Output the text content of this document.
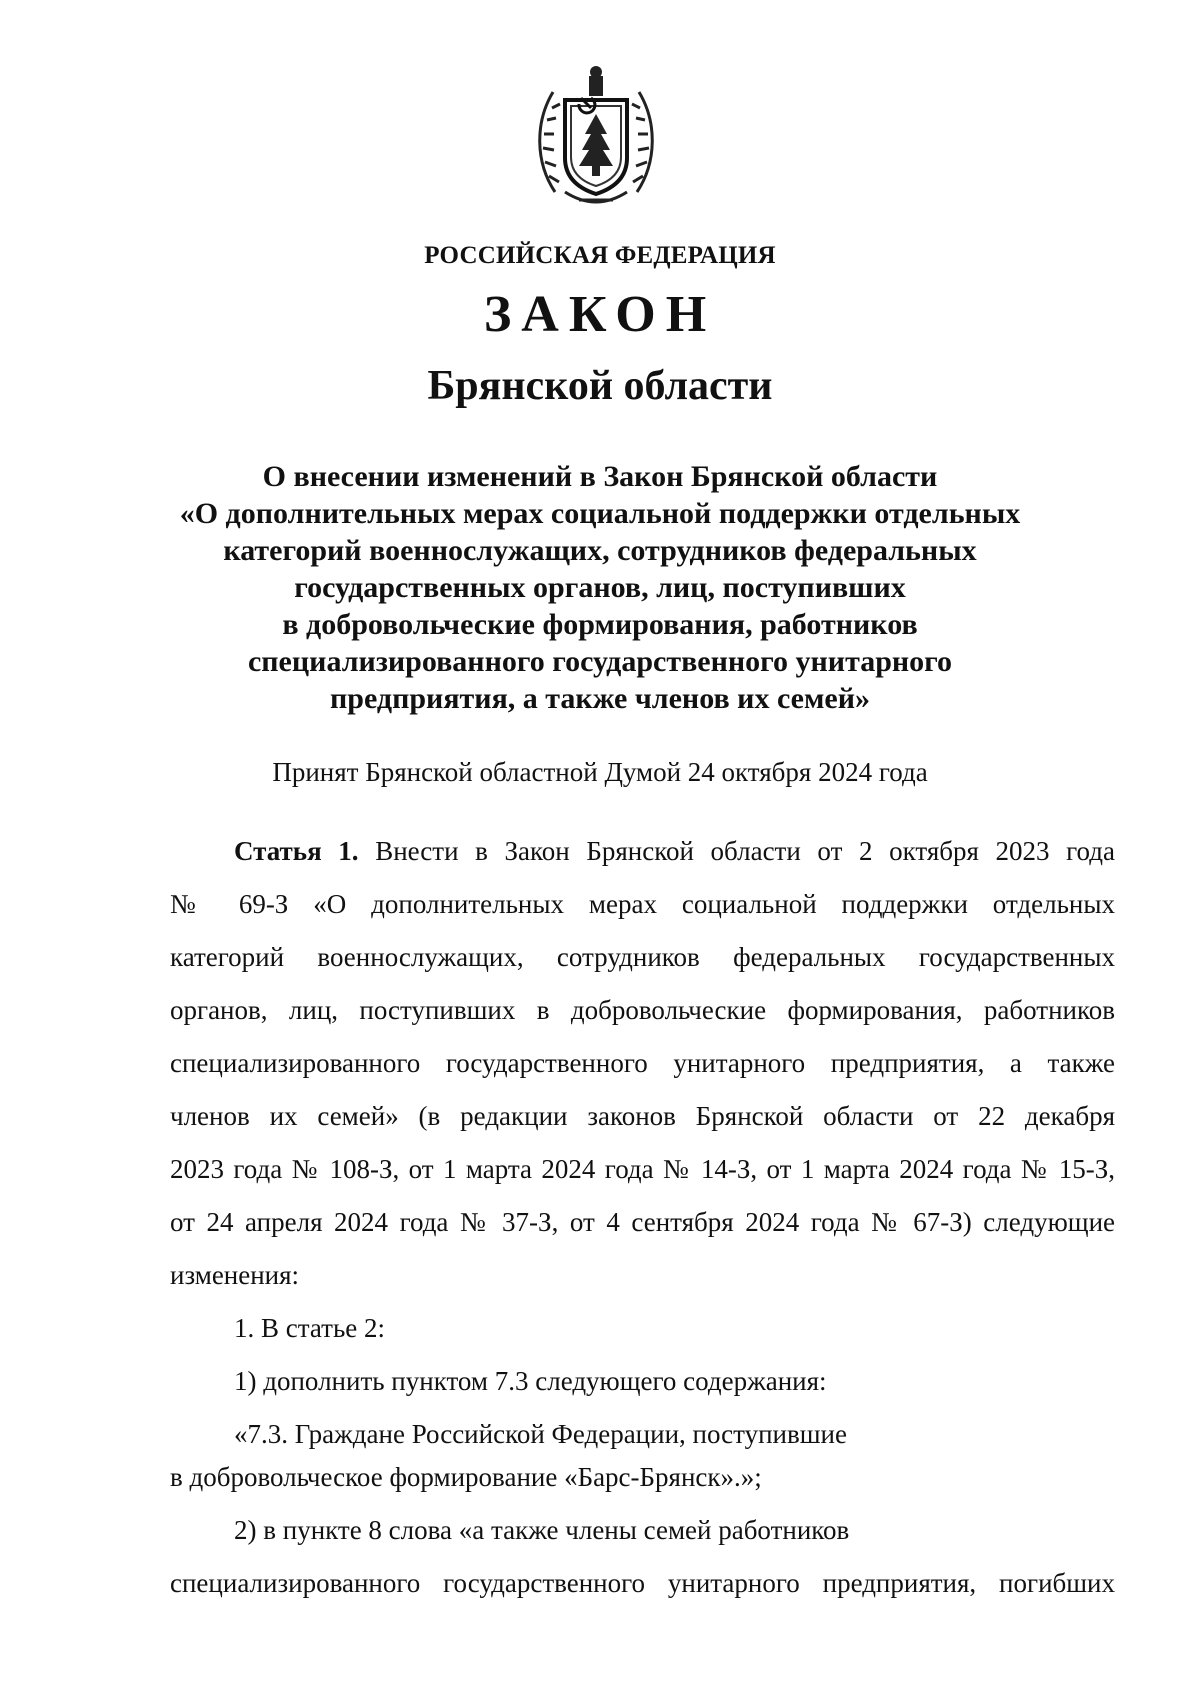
РОССИЙСКАЯ ФЕДЕРАЦИЯ
ЗАКОН
Брянской области
О внесении изменений в Закон Брянской области
«О дополнительных мерах социальной поддержки отдельных
категорий военнослужащих, сотрудников федеральных
государственных органов, лиц, поступивших
в добровольческие формирования, работников
специализированного государственного унитарного
предприятия, а также членов их семей»
Принят Брянской областной Думой 24 октября 2024 года
Статья 1. Внести в Закон Брянской области от 2 октября 2023 года
№ 69-З «О дополнительных мерах социальной поддержки отдельных
категорий военнослужащих, сотрудников федеральных государственных
органов, лиц, поступивших в добровольческие формирования, работников
специализированного государственного унитарного предприятия, а также
членов их семей» (в редакции законов Брянской области от 22 декабря
2023 года № 108-З, от 1 марта 2024 года № 14-З, от 1 марта 2024 года № 15-З,
от 24 апреля 2024 года № 37-З, от 4 сентября 2024 года № 67-З) следующие
изменения:
1. В статье 2:
1) дополнить пунктом 7.3 следующего содержания:
«7.3. Граждане Российской Федерации, поступившие
в добровольческое формирование «Барс-Брянск».»;
2) в пункте 8 слова «а также члены семей работников
специализированного государственного унитарного предприятия, погибших
